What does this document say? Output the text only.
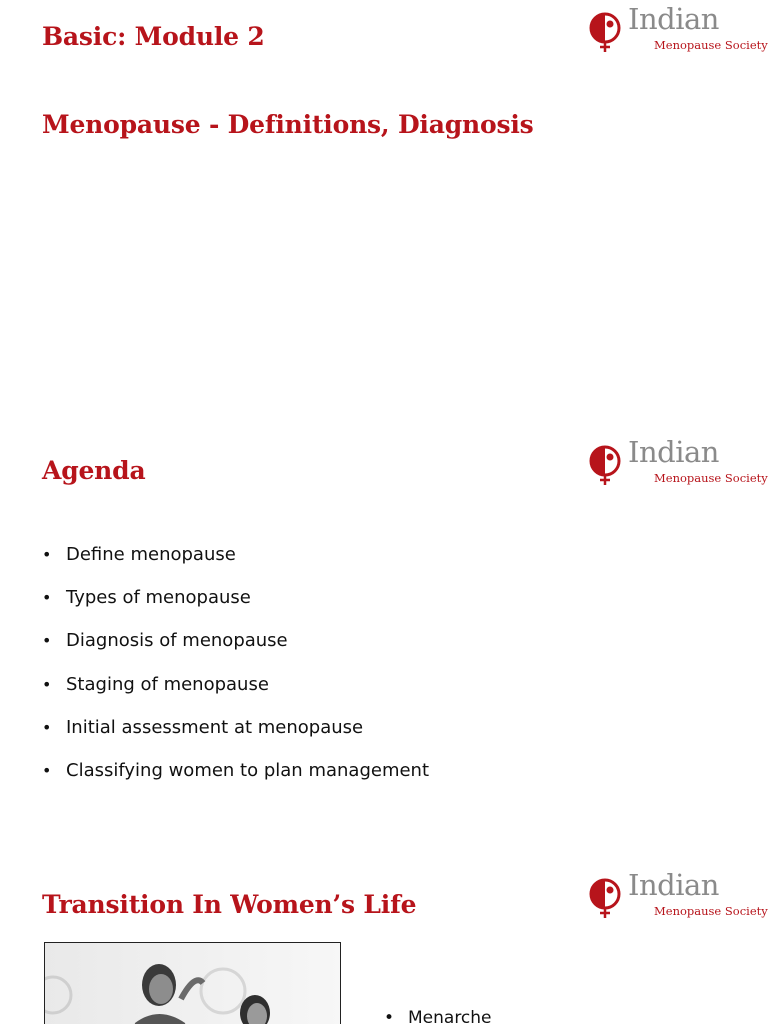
Basic: Module 2
Menopause - Definitions, Diagnosis
Indian
Menopause Society
Agenda
Indian
Menopause Society
• Define menopause
• Types of menopause
• Diagnosis of menopause
• Staging of menopause
• Initial assessment at menopause
• Classifying women to plan management
Transition In Women’s Life
Indian
Menopause Society
• Menarche
